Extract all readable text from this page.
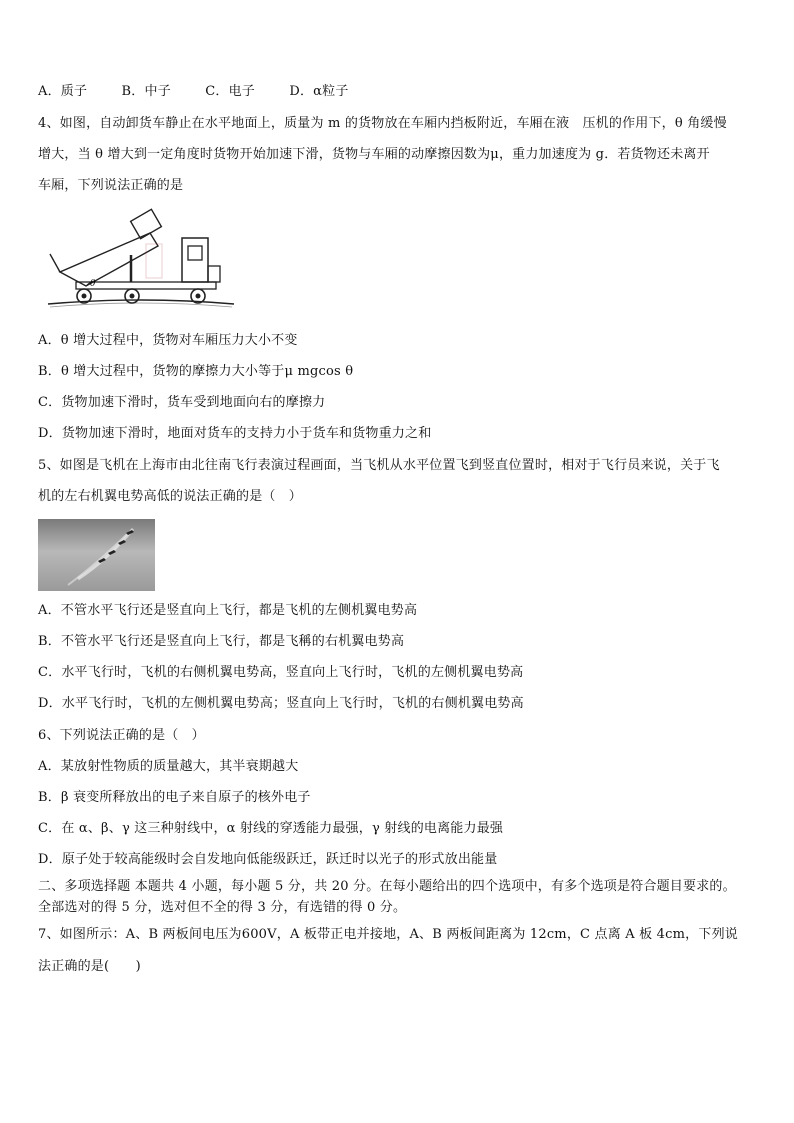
A．质子	B．中子	C．电子	D．α粒子
4、如图，自动卸货车静止在水平地面上，质量为 m 的货物放在车厢内挡板附近，车厢在液　压机的作用下，θ 角缓慢
增大，当 θ 增大到一定角度时货物开始加速下滑，货物与车厢的动摩擦因数为μ，重力加速度为 g．若货物还未离开
车厢，下列说法正确的是
θ
A．θ 增大过程中，货物对车厢压力大小不变
B．θ 增大过程中，货物的摩擦力大小等于μ mgcos θ
C．货物加速下滑时，货车受到地面向右的摩擦力
D．货物加速下滑时，地面对货车的支持力小于货车和货物重力之和
5、如图是飞机在上海市由北往南飞行表演过程画面，当飞机从水平位置飞到竖直位置时，相对于飞行员来说，关于飞
机的左右机翼电势高低的说法正确的是（　）
A．不管水平飞行还是竖直向上飞行，都是飞机的左侧机翼电势高
B．不管水平飞行还是竖直向上飞行，都是飞稱的右机翼电势高
C．水平飞行时，飞机的右侧机翼电势高，竖直向上飞行时，飞机的左侧机翼电势高
D．水平飞行时，飞机的左侧机翼电势高；竖直向上飞行时，飞机的右侧机翼电势高
6、下列说法正确的是（　）
A．某放射性物质的质量越大，其半衰期越大
B．β 衰变所释放出的电子来自原子的核外电子
C．在 α、β、γ 这三种射线中，α 射线的穿透能力最强，γ 射线的电离能力最强
D．原子处于较高能级时会自发地向低能级跃迁，跃迁时以光子的形式放出能量
二、多项选择题 本题共 4 小题，每小题 5 分，共 20 分。在每小题给出的四个选项中，有多个选项是符合题目要求的。
全部选对的得 5 分，选对但不全的得 3 分，有选错的得 0 分。
7、如图所示：A、B 两板间电压为600V，A 板带正电并接地，A、B 两板间距离为 12cm，C 点离 A 板 4cm，下列说
法正确的是(　　)
